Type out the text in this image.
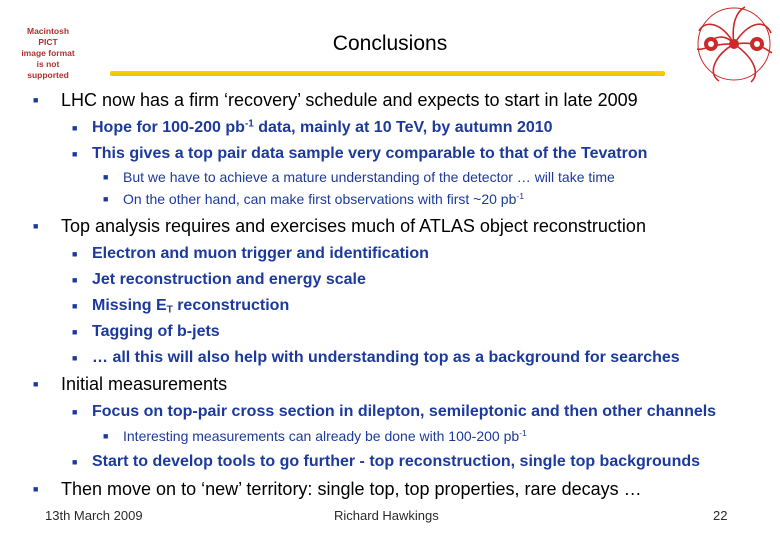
Macintosh PICT
image format
is not supported
Conclusions
■ LHC now has a firm ‘recovery’ schedule and expects to start in late 2009
■ Hope for 100-200 $pb^{-1}$ data, mainly at 10 TeV, by autumn 2010
■ This gives a top pair data sample very comparable to that of the Tevatron
■ But we have to achieve a mature understanding of the detector … will take time
■ On the other hand, can make first observations with first ~20 $pb^{-1}$
■ Top analysis requires and exercises much of ATLAS object reconstruction
■ Electron and muon trigger and identification
■ Jet reconstruction and energy scale
■ Missing $E_T$ reconstruction
■ Tagging of b-jets
■ … all this will also help with understanding top as a background for searches
■ Initial measurements
■ Focus on top-pair cross section in dilepton, semileptonic and then other channels
■ Interesting measurements can already be done with 100-200 $pb^{-1}$
■ Start to develop tools to go further - top reconstruction, single top backgrounds
■ Then move on to ‘new’ territory: single top, top properties, rare decays …
13th March 2009	Richard Hawkings	22
